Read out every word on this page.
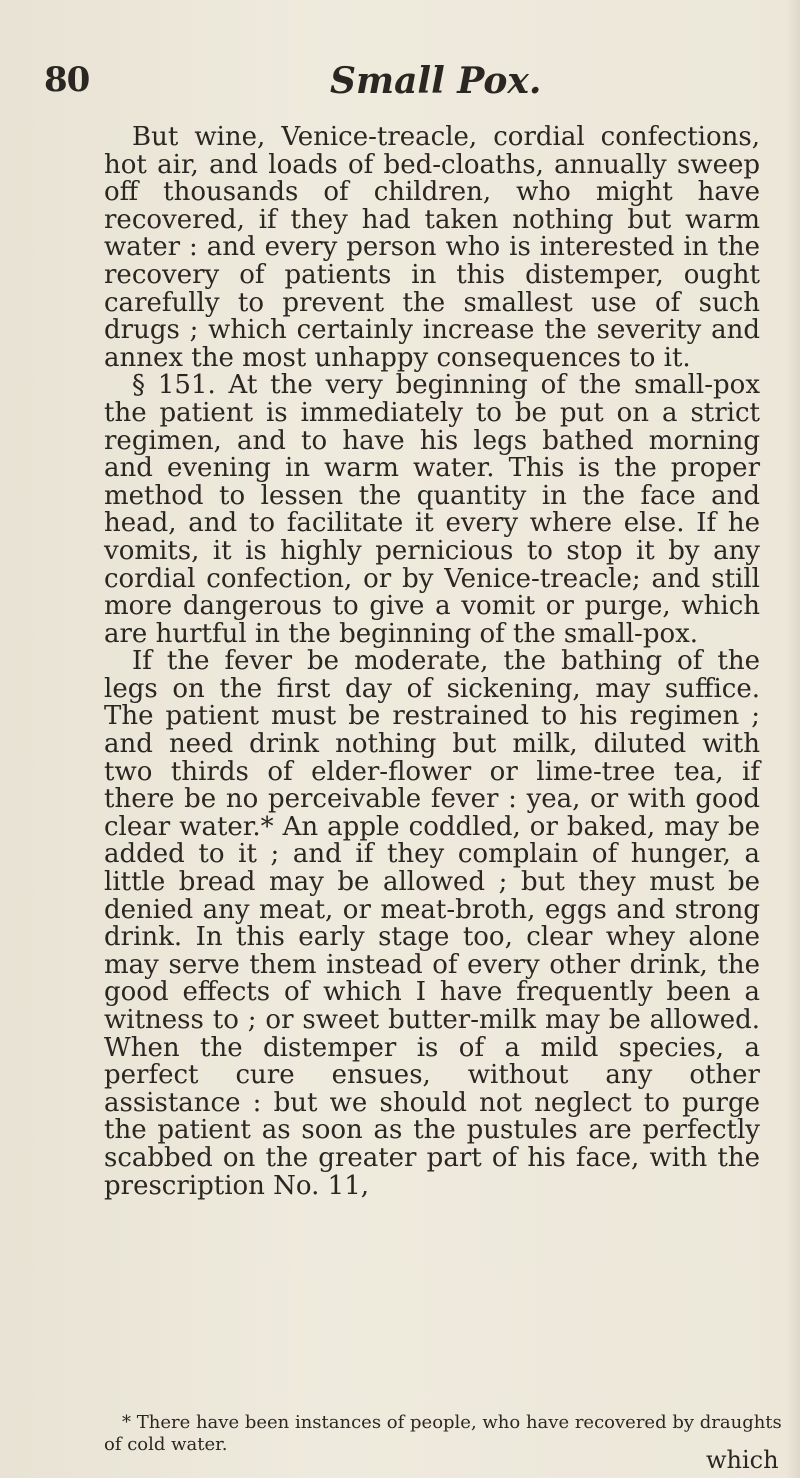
80	Small Pox.

But wine, Venice-treacle, cordial confections, hot air, and loads of bed-cloaths, annually sweep off thousands of children, who might have recovered, if they had taken nothing but warm water : and every person who is interested in the recovery of patients in this distemper, ought carefully to prevent the smallest use of such drugs ; which certainly increase the severity and annex the most unhappy consequences to it.

§ 151. At the very beginning of the small-pox the patient is immediately to be put on a strict regimen, and to have his legs bathed morning and evening in warm water. This is the proper method to lessen the quantity in the face and head, and to facilitate it every where else. If he vomits, it is highly pernicious to stop it by any cordial confection, or by Venice-treacle; and still more dangerous to give a vomit or purge, which are hurtful in the beginning of the small-pox.

If the fever be moderate, the bathing of the legs on the first day of sickening, may suffice. The patient must be restrained to his regimen ; and need drink nothing but milk, diluted with two thirds of elder-flower or lime-tree tea, if there be no perceivable fever : yea, or with good clear water.* An apple coddled, or baked, may be added to it ; and if they complain of hunger, a little bread may be allowed ; but they must be denied any meat, or meat-broth, eggs and strong drink. In this early stage too, clear whey alone may serve them instead of every other drink, the good effects of which I have frequently been a witness to ; or sweet butter-milk may be allowed. When the distemper is of a mild species, a perfect cure ensues, without any other assistance : but we should not neglect to purge the patient as soon as the pustules are perfectly scabbed on the greater part of his face, with the prescription No. 11,

* There have been instances of people, who have recovered by draughts of cold water.

which
